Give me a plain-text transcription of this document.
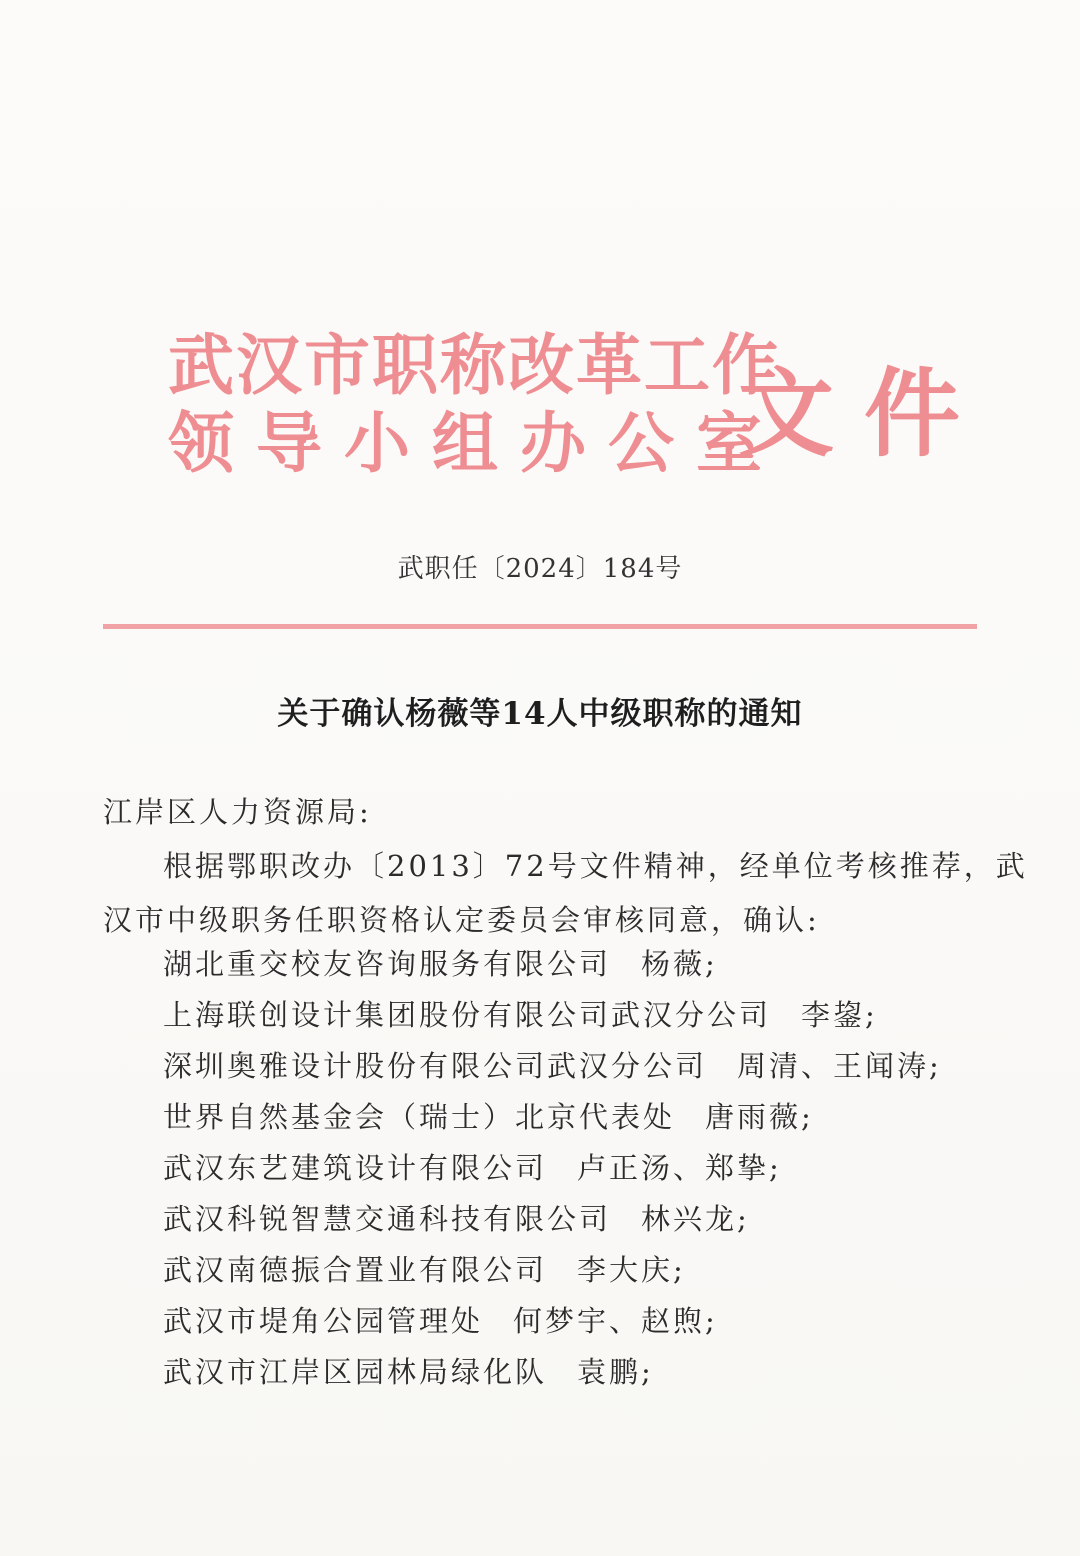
武汉市职称改革工作
领导小组办公室
文件
武职任〔2024〕184号
关于确认杨薇等14人中级职称的通知
江岸区人力资源局:
根据鄂职改办〔2013〕72号文件精神，经单位考核推荐，武
汉市中级职务任职资格认定委员会审核同意，确认:
湖北重交校友咨询服务有限公司 杨薇;
上海联创设计集团股份有限公司武汉分公司 李鋆;
深圳奥雅设计股份有限公司武汉分公司 周清、王闻涛;
世界自然基金会（瑞士）北京代表处 唐雨薇;
武汉东艺建筑设计有限公司 卢正汤、郑挚;
武汉科锐智慧交通科技有限公司 林兴龙;
武汉南德振合置业有限公司 李大庆;
武汉市堤角公园管理处 何梦宇、赵煦;
武汉市江岸区园林局绿化队 袁鹏;
